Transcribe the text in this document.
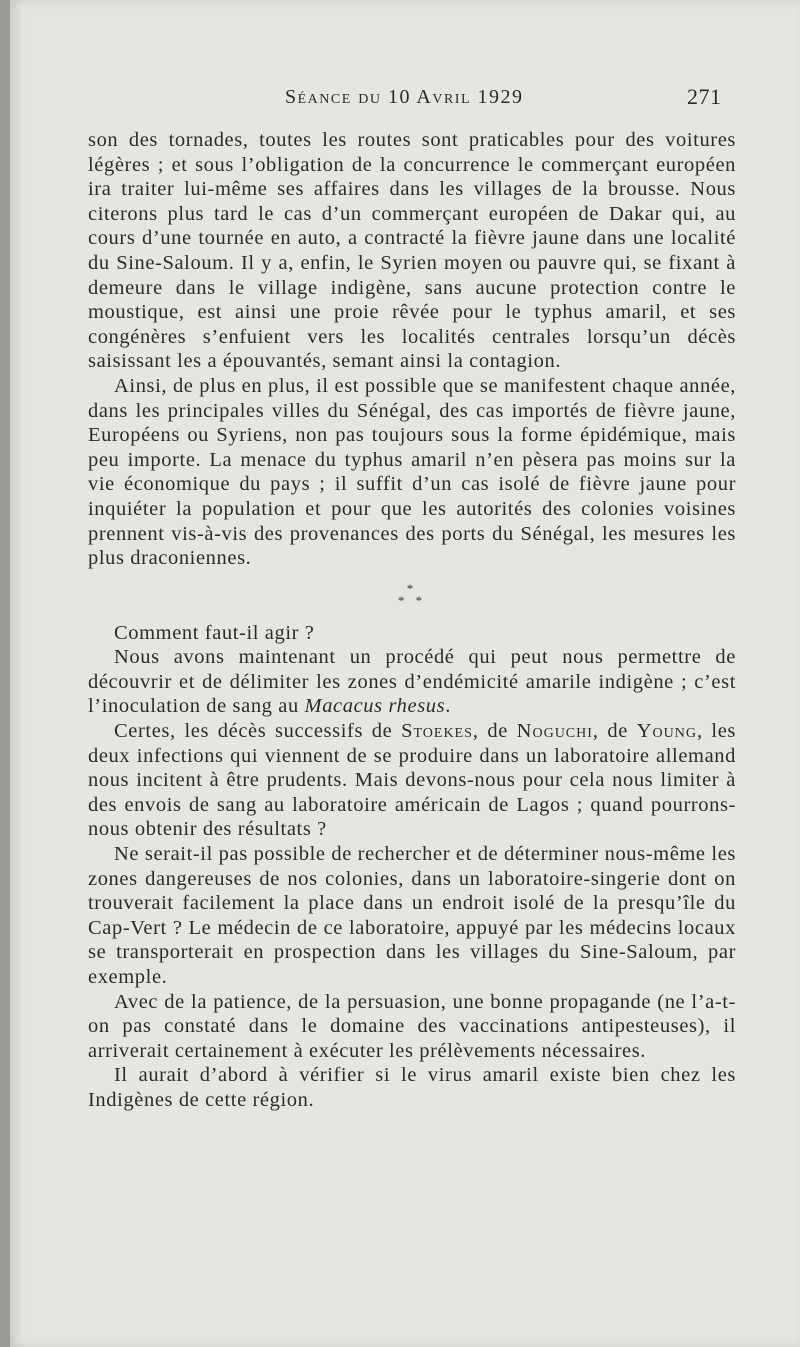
Séance du 10 Avril 1929	271

son des tornades, toutes les routes sont praticables pour des voitures légères ; et sous l’obligation de la concurrence le commerçant européen ira traiter lui-même ses affaires dans les villages de la brousse. Nous citerons plus tard le cas d’un commerçant européen de Dakar qui, au cours d’une tournée en auto, a contracté la fièvre jaune dans une localité du Sine-Saloum. Il y a, enfin, le Syrien moyen ou pauvre qui, se fixant à demeure dans le village indigène, sans aucune protection contre le moustique, est ainsi une proie rêvée pour le typhus amaril, et ses congénères s’enfuient vers les localités centrales lorsqu’un décès saisissant les a épouvantés, semant ainsi la contagion.

Ainsi, de plus en plus, il est possible que se manifestent chaque année, dans les principales villes du Sénégal, des cas importés de fièvre jaune, Européens ou Syriens, non pas toujours sous la forme épidémique, mais peu importe. La menace du typhus amaril n’en pèsera pas moins sur la vie économique du pays ; il suffit d’un cas isolé de fièvre jaune pour inquiéter la population et pour que les autorités des colonies voisines prennent vis-à-vis des provenances des ports du Sénégal, les mesures les plus draconiennes.

*
* *

Comment faut-il agir ?

Nous avons maintenant un procédé qui peut nous permettre de découvrir et de délimiter les zones d’endémicité amarile indigène ; c’est l’inoculation de sang au Macacus rhesus.

Certes, les décès successifs de Stoekes, de Noguchi, de Young, les deux infections qui viennent de se produire dans un laboratoire allemand nous incitent à être prudents. Mais devons-nous pour cela nous limiter à des envois de sang au laboratoire américain de Lagos ; quand pourrons-nous obtenir des résultats ?

Ne serait-il pas possible de rechercher et de déterminer nous-même les zones dangereuses de nos colonies, dans un laboratoire-singerie dont on trouverait facilement la place dans un endroit isolé de la presqu’île du Cap-Vert ? Le médecin de ce laboratoire, appuyé par les médecins locaux se transporterait en prospection dans les villages du Sine-Saloum, par exemple.

Avec de la patience, de la persuasion, une bonne propagande (ne l’a-t-on pas constaté dans le domaine des vaccinations antipesteuses), il arriverait certainement à exécuter les prélèvements nécessaires.

Il aurait d’abord à vérifier si le virus amaril existe bien chez les Indigènes de cette région.
